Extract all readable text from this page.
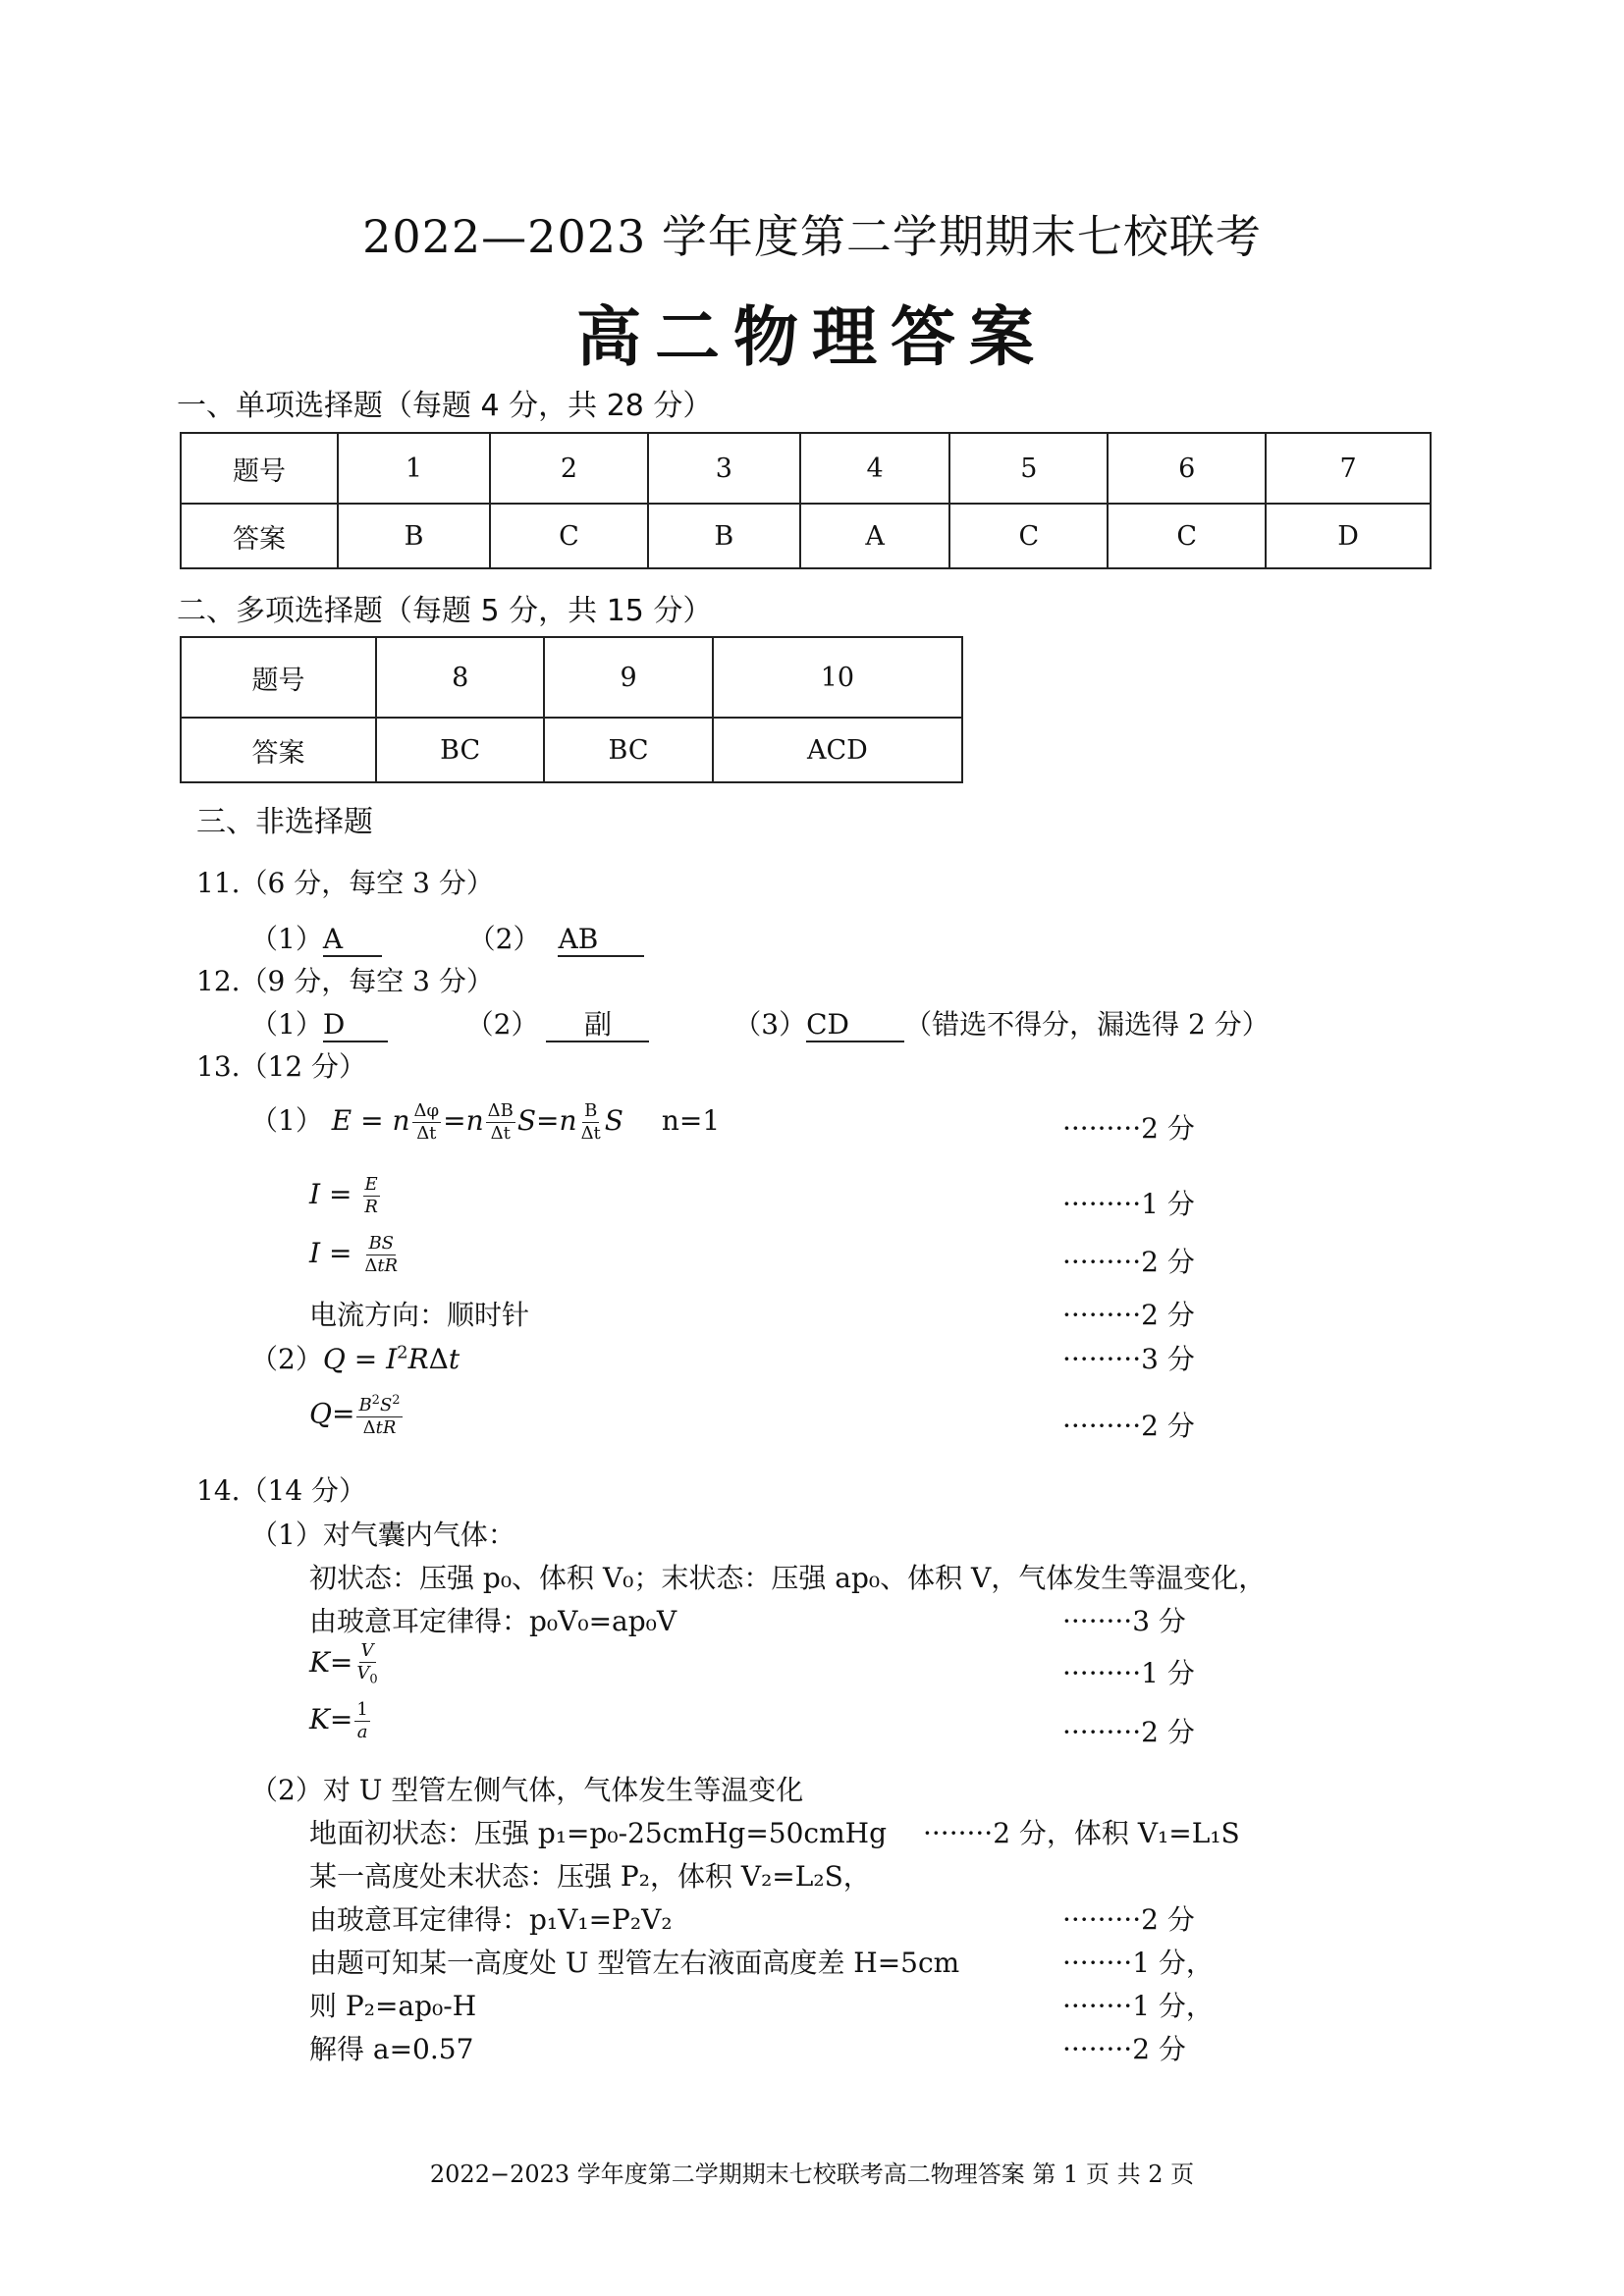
2022—2023 学年度第二学期期末七校联考
高二物理答案
一、单项选择题（每题 4 分，共 28 分）
题号	1	2	3	4	5	6	7
答案	B	C	B	A	C	C	D
二、多项选择题（每题 5 分，共 15 分）
题号	8	9	10
答案	BC	BC	ACD
三、非选择题
11.（6 分，每空 3 分）
（1）A	（2） AB
12.（9 分，每空 3 分）
（1）D	（2） 副	（3）CD （错选不得分，漏选得 2 分）
13.（12 分）
（1） E = n $\frac{\Delta\varphi}{\Delta t} =n \frac{\Delta B}{\Delta t} S=n \frac{B}{\Delta t}$ S n=1	·········2 分
$I = \frac{E}{R}$	·········1 分
$I = \frac{BS}{\text{ΔtR}}$	·········2 分
电流方向：顺时针	·········2 分
$(2)Q = I^2R\Delta t$	·········3 分
$Q= \frac{B^2S^2}{\text{ΔtR}}$	·········2 分
14.（14 分）
（1）对气囊内气体：
初状态：压强 p₀、体积 V₀；末状态：压强 ap₀、体积 V，气体发生等温变化，
由玻意耳定律得：p₀V₀=ap₀V	········3 分
$K= \frac{V}{V_0}$	·········1 分
$K= \frac{1}{a}$	·········2 分
（2）对 U 型管左侧气体，气体发生等温变化
地面初状态：压强 p₁=p₀-25cmHg=50cmHg ········2 分，体积 V₁=L₁S
某一高度处末状态：压强 P₂，体积 V₂=L₂S，
由玻意耳定律得：p₁V₁=P₂V₂	·········2 分
由题可知某一高度处 U 型管左右液面高度差 H=5cm	········1 分，
则 P₂=ap₀-H	········1 分，
解得 a=0.57	········2 分
2022−2023 学年度第二学期期末七校联考高二物理答案 第 1 页 共 2 页
